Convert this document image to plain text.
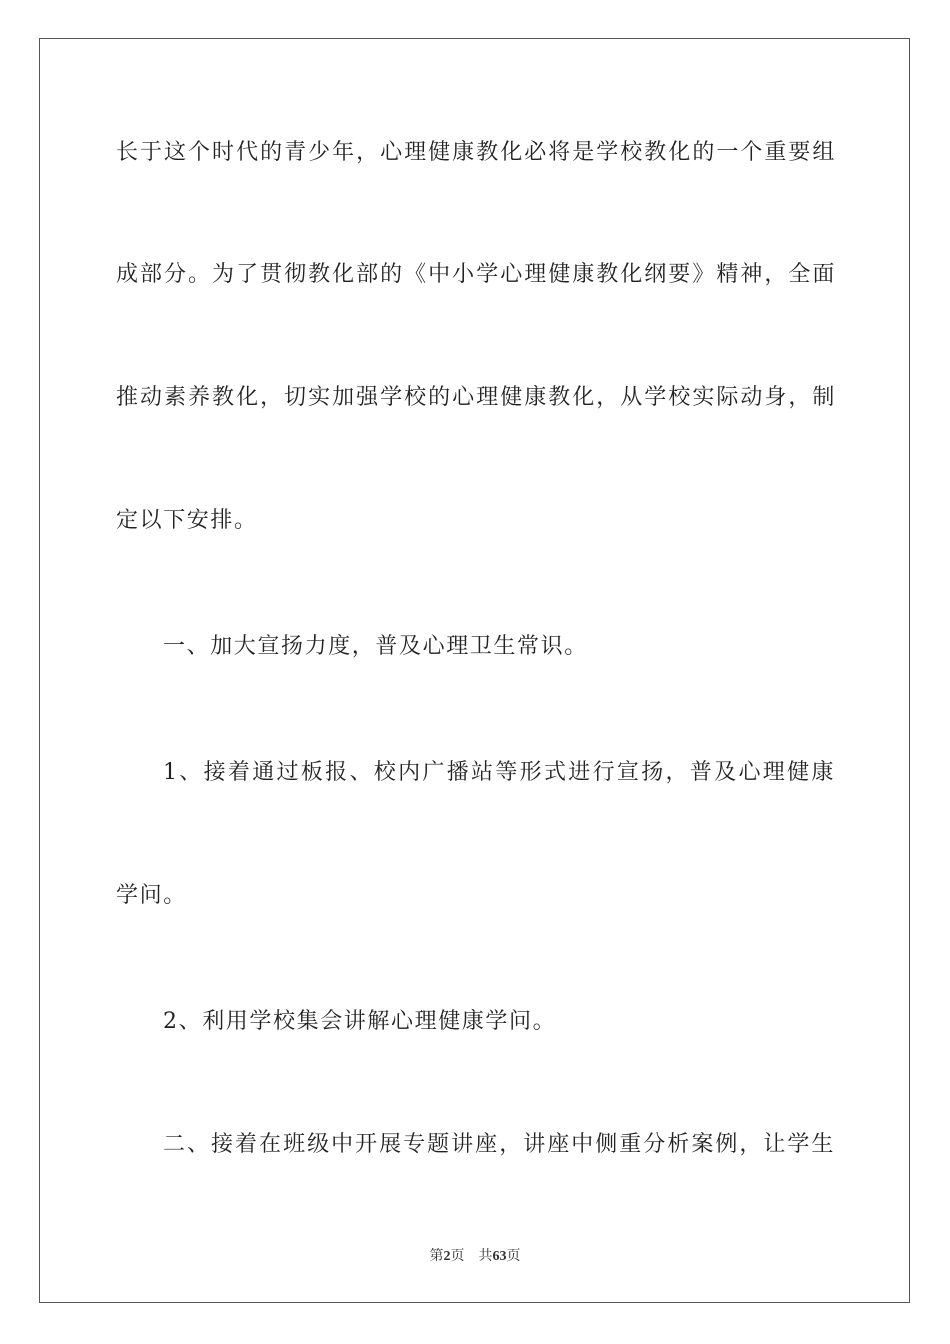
长于这个时代的青少年，心理健康教化必将是学校教化的一个重要组
成部分。为了贯彻教化部的《中小学心理健康教化纲要》精神，全面
推动素养教化，切实加强学校的心理健康教化，从学校实际动身，制
定以下安排。
一、加大宣扬力度，普及心理卫生常识。
1、接着通过板报、校内广播站等形式进行宣扬，普及心理健康
学问。
2、利用学校集会讲解心理健康学问。
二、接着在班级中开展专题讲座，讲座中侧重分析案例，让学生
第2页 共63页
